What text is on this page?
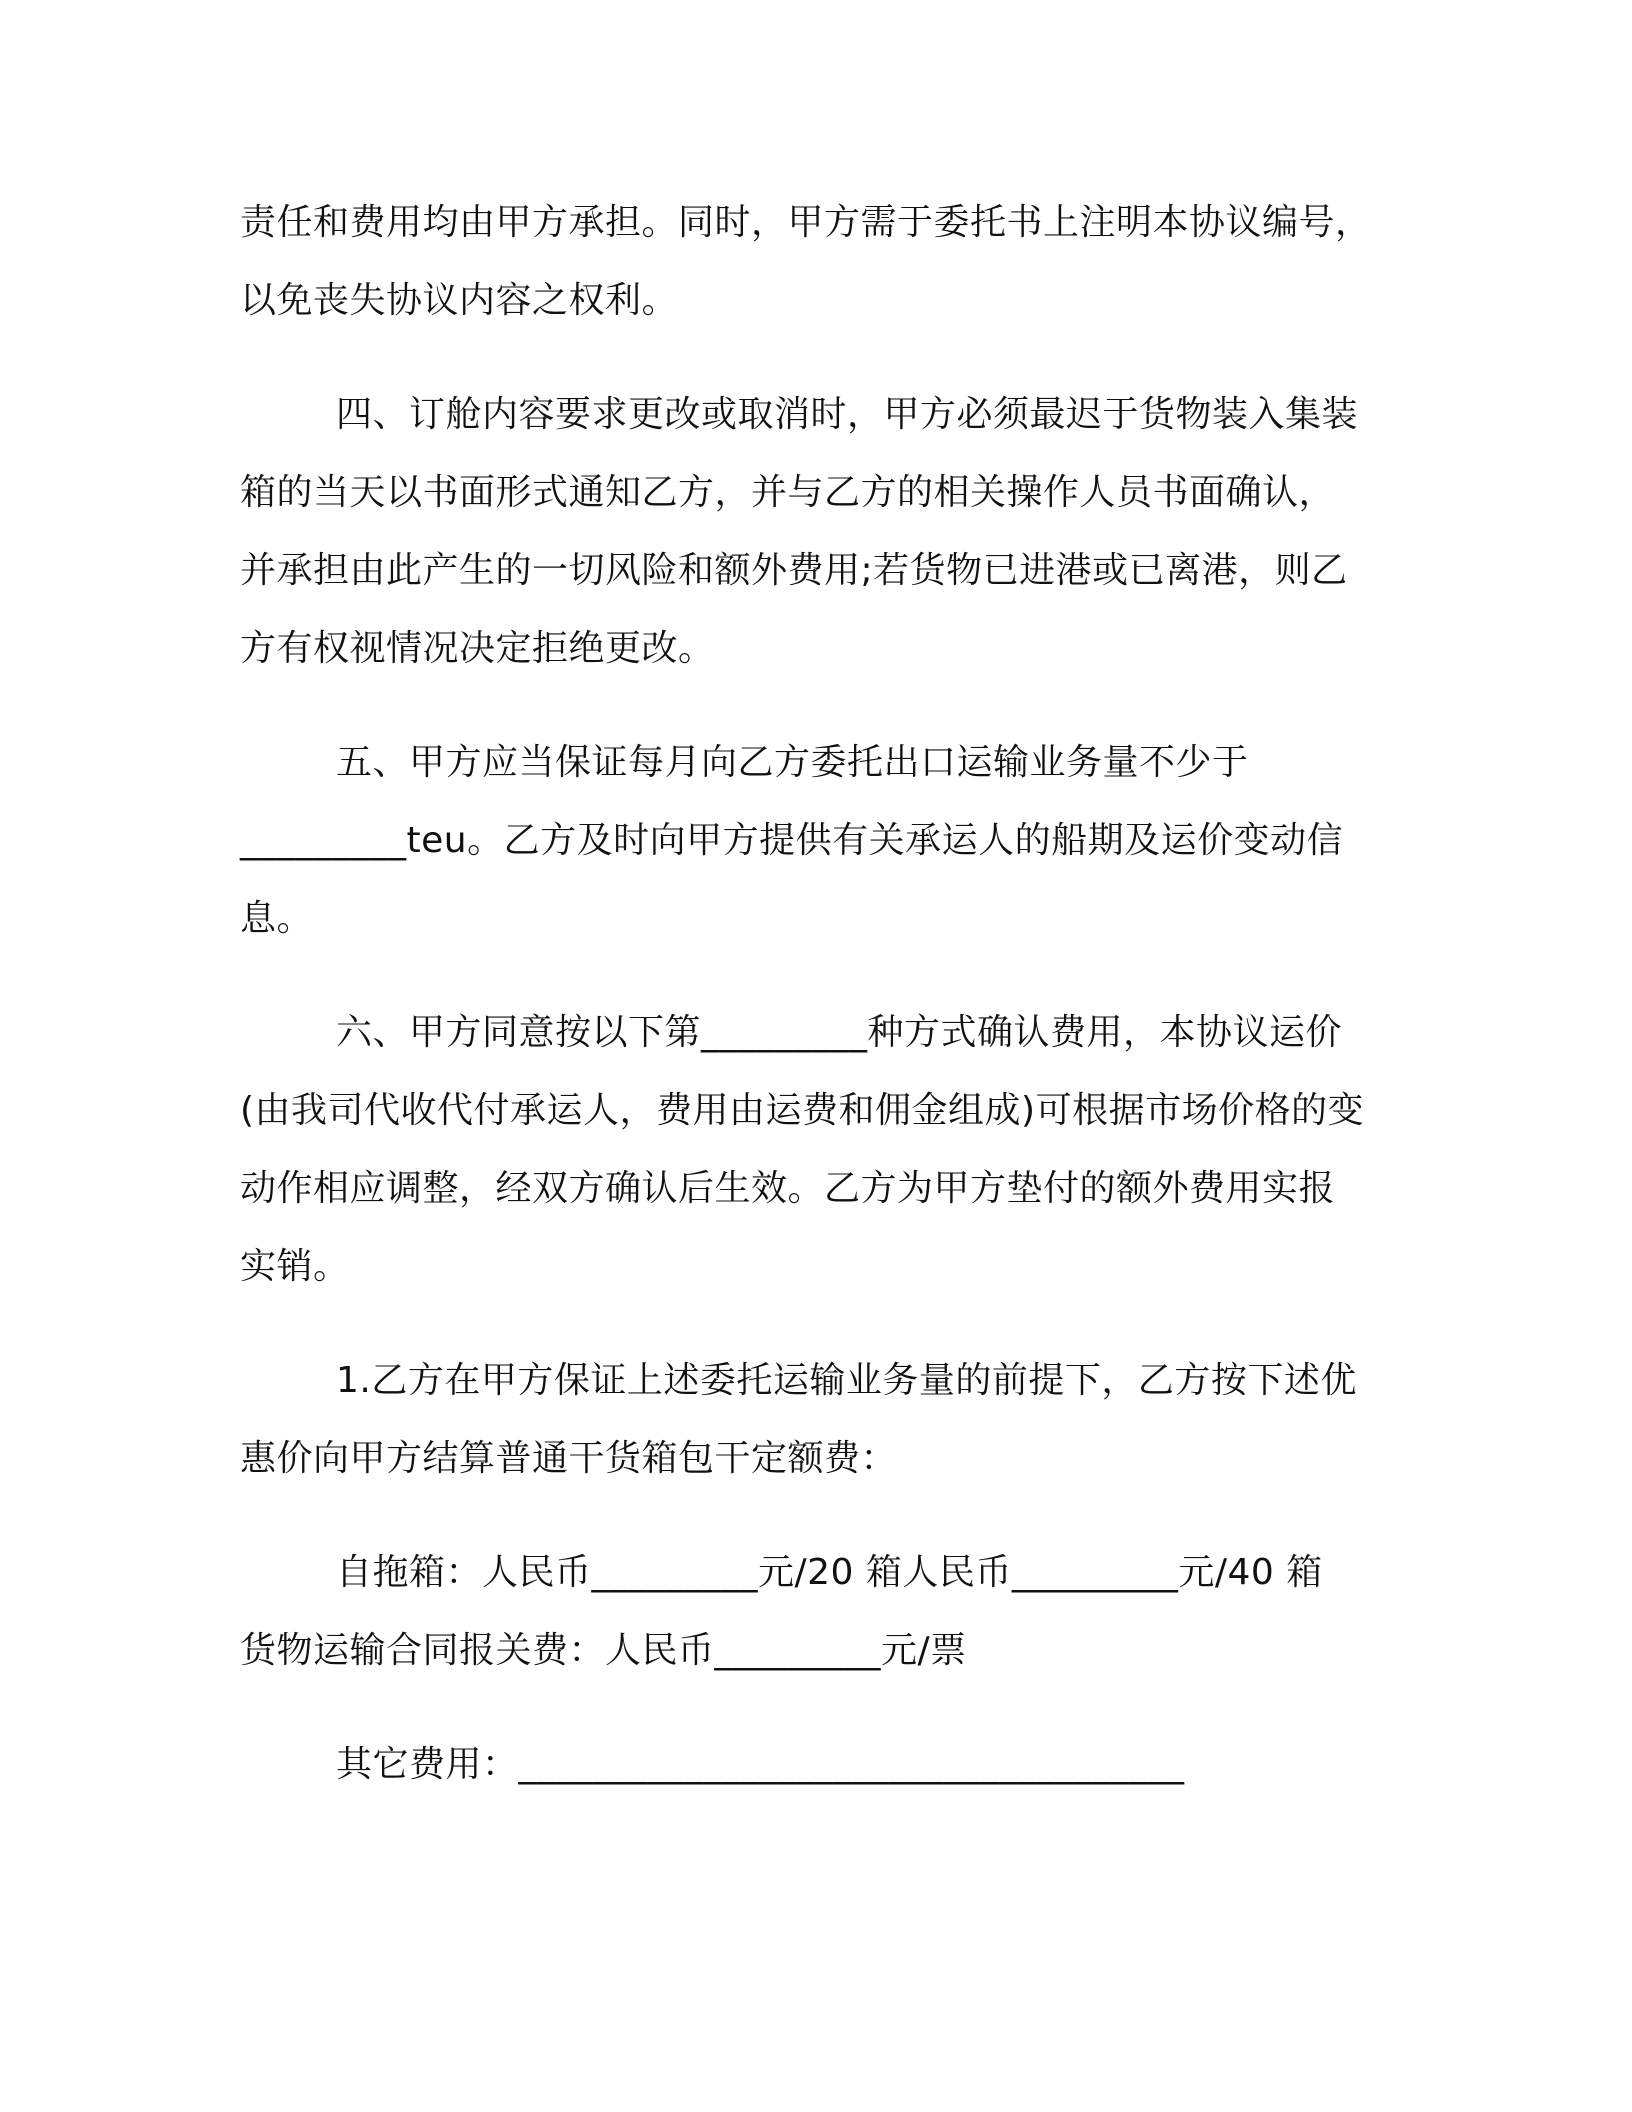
责任和费用均由甲方承担。同时，甲方需于委托书上注明本协议编号，
以免丧失协议内容之权利。
四、订舱内容要求更改或取消时，甲方必须最迟于货物装入集装
箱的当天以书面形式通知乙方，并与乙方的相关操作人员书面确认，
并承担由此产生的一切风险和额外费用;若货物已进港或已离港，则乙
方有权视情况决定拒绝更改。
五、甲方应当保证每月向乙方委托出口运输业务量不少于
_________teu。乙方及时向甲方提供有关承运人的船期及运价变动信
息。
六、甲方同意按以下第_________种方式确认费用，本协议运价
(由我司代收代付承运人，费用由运费和佣金组成)可根据市场价格的变
动作相应调整，经双方确认后生效。乙方为甲方垫付的额外费用实报
实销。
1.乙方在甲方保证上述委托运输业务量的前提下，乙方按下述优
惠价向甲方结算普通干货箱包干定额费：
自拖箱：人民币_________元/20 箱人民币_________元/40 箱
货物运输合同报关费：人民币_________元/票
其它费用：____________________________________
